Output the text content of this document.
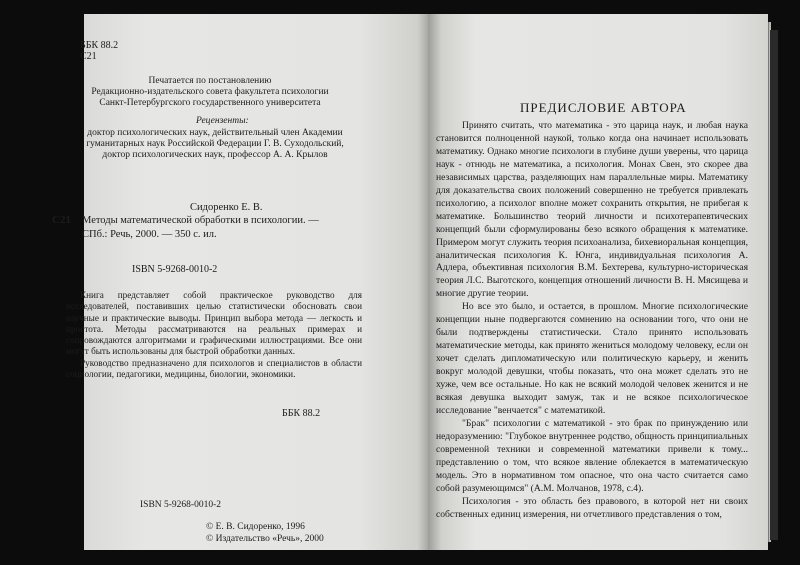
ББК 88.2
С21
Печатается по постановлению
Редакционно-издательского совета факультета психологии
Санкт-Петербургского государственного университета
Рецензенты:
доктор психологических наук, действительный член Академии
гуманитарных наук Российской Федерации Г. В. Суходольский,
доктор психологических наук, профессор А. А. Крылов
Сидоренко Е. В.
С21 Методы математической обработки в психологии. —
СПб.: Речь, 2000. — 350 с. ил.
ISBN 5-9268-0010-2

Книга представляет собой практическое руководство для исследователей, поставивших целью статистически обосновать свои научные и практические выводы. Принцип выбора метода — легкость и простота. Методы рассматриваются на реальных примерах и сопровождаются алгоритмами и графическими иллюстрациями. Все они могут быть использованы для быстрой обработки данных.

Руководство предназначено для психологов и специалистов в области социологии, педагогики, медицины, биологии, экономики.

ББК 88.2
ISBN 5-9268-0010-2
© Е. В. Сидоренко, 1996
© Издательство «Речь», 2000
ПРЕДИСЛОВИЕ АВТОРА

Принято считать, что математика - это царица наук, и любая наука становится полноценной наукой, только когда она начинает использовать математику. Однако многие психологи в глубине души уверены, что царица наук - отнюдь не математика, а психология. Монах Свен, это скорее два независимых царства, разделяющих нам параллельные миры. Математику для доказательства своих положений совершенно не требуется привлекать психологию, а психолог вполне может сохранить открытия, не прибегая к математике. Большинство теорий личности и психотерапевтических концепций были сформулированы безо всякого обращения к математике. Примером могут служить теория психоанализа, бихевиоральная концепция, аналитическая психология К. Юнга, индивидуальная психология А. Адлера, объективная психология В.М. Бехтерева, культурно-историческая теория Л.С. Выготского, концепция отношений личности В. Н. Мясищева и многие другие теории.

Но все это было, и остается, в прошлом. Многие психологические концепции ныне подвергаются сомнению на основании того, что они не были подтверждены статистически. Стало принято использовать математические методы, как принято жениться молодому человеку, если он хочет сделать дипломатическую или политическую карьеру, и женить вокруг молодой девушки, чтобы показать, что она может сделать это не хуже, чем все остальные. Но как не всякий молодой человек женится и не всякая девушка выходит замуж, так и не всякое психологическое исследование "венчается" с математикой.

"Брак" психологии с математикой - это брак по принуждению или недоразумению: "Глубокое внутреннее родство, общность принципиальных современной техники и современной математики привели к тому... представлению о том, что всякое явление облекается в математическую модель. Это в нормативном том опасное, что она часто считается само собой разумеющимся" (А.М. Молчанов, 1978, с.4).

Психология - это область без правового, в которой нет ни своих собственных единиц измерения, ни отчетливого представления о том,
